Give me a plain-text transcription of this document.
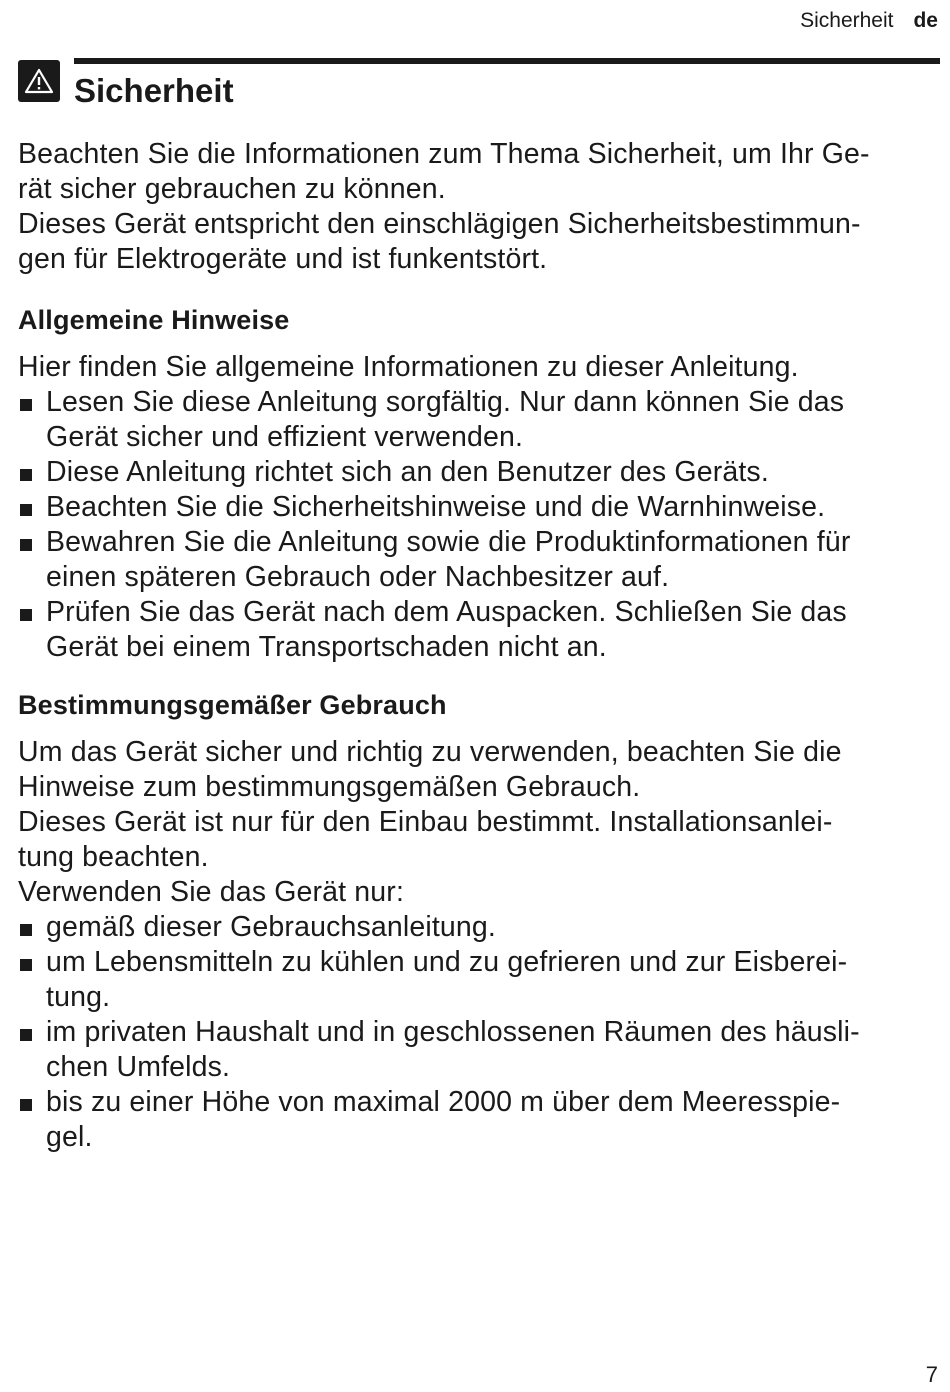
Sicherheit de
Sicherheit

Beachten Sie die Informationen zum Thema Sicherheit, um Ihr Ge-

rät sicher gebrauchen zu können.

Dieses Gerät entspricht den einschlägigen Sicherheitsbestimmun-

gen für Elektrogeräte und ist funkentstört.

Allgemeine Hinweise

Hier finden Sie allgemeine Informationen zu dieser Anleitung.

Lesen Sie diese Anleitung sorgfältig. Nur dann können Sie das

Gerät sicher und effizient verwenden.

Diese Anleitung richtet sich an den Benutzer des Geräts.

Beachten Sie die Sicherheitshinweise und die Warnhinweise.

Bewahren Sie die Anleitung sowie die Produktinformationen für

einen späteren Gebrauch oder Nachbesitzer auf.

Prüfen Sie das Gerät nach dem Auspacken. Schließen Sie das

Gerät bei einem Transportschaden nicht an.

Bestimmungsgemäßer Gebrauch

Um das Gerät sicher und richtig zu verwenden, beachten Sie die

Hinweise zum bestimmungsgemäßen Gebrauch.

Dieses Gerät ist nur für den Einbau bestimmt. Installationsanlei-

tung beachten.

Verwenden Sie das Gerät nur:

gemäß dieser Gebrauchsanleitung.

um Lebensmitteln zu kühlen und zu gefrieren und zur Eisberei-

tung.

im privaten Haushalt und in geschlossenen Räumen des häusli-

chen Umfelds.

bis zu einer Höhe von maximal 2000 m über dem Meeresspie-

gel.

7
